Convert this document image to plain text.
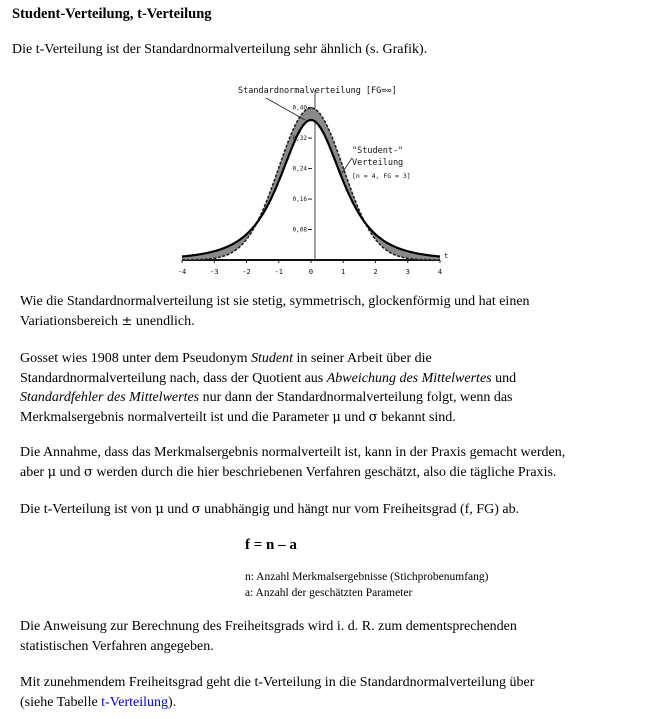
Student-Verteilung, t-Verteilung
Die t-Verteilung ist der Standardnormalverteilung sehr ähnlich (s. Grafik).
-4	-3	-2	-1	0	1	2	3	4
0,08
0,16
0,24
0,32
0,40
Standardnormalverteilung [FG=∞]
"Student-"
Verteilung
[n = 4, FG = 3]
t
Wie die Standardnormalverteilung ist sie stetig, symmetrisch, glockenförmig und hat einen
Variationsbereich ± unendlich.
Gosset wies 1908 unter dem Pseudonym Student in seiner Arbeit über die
Standardnormalverteilung nach, dass der Quotient aus Abweichung des Mittelwertes und
Standardfehler des Mittelwertes nur dann der Standardnormalverteilung folgt, wenn das
Merkmalsergebnis normalverteilt ist und die Parameter μ und σ bekannt sind.
Die Annahme, dass das Merkmalsergebnis normalverteilt ist, kann in der Praxis gemacht werden,
aber μ und σ werden durch die hier beschriebenen Verfahren geschätzt, also die tägliche Praxis.
Die t-Verteilung ist von μ und σ unabhängig und hängt nur vom Freiheitsgrad (f, FG) ab.
f = n – a
n: Anzahl Merkmalsergebnisse (Stichprobenumfang)
a: Anzahl der geschätzten Parameter
Die Anweisung zur Berechnung des Freiheitsgrads wird i. d. R. zum dementsprechenden
statistischen Verfahren angegeben.
Mit zunehmendem Freiheitsgrad geht die t-Verteilung in die Standardnormalverteilung über
(siehe Tabelle t-Verteilung).
